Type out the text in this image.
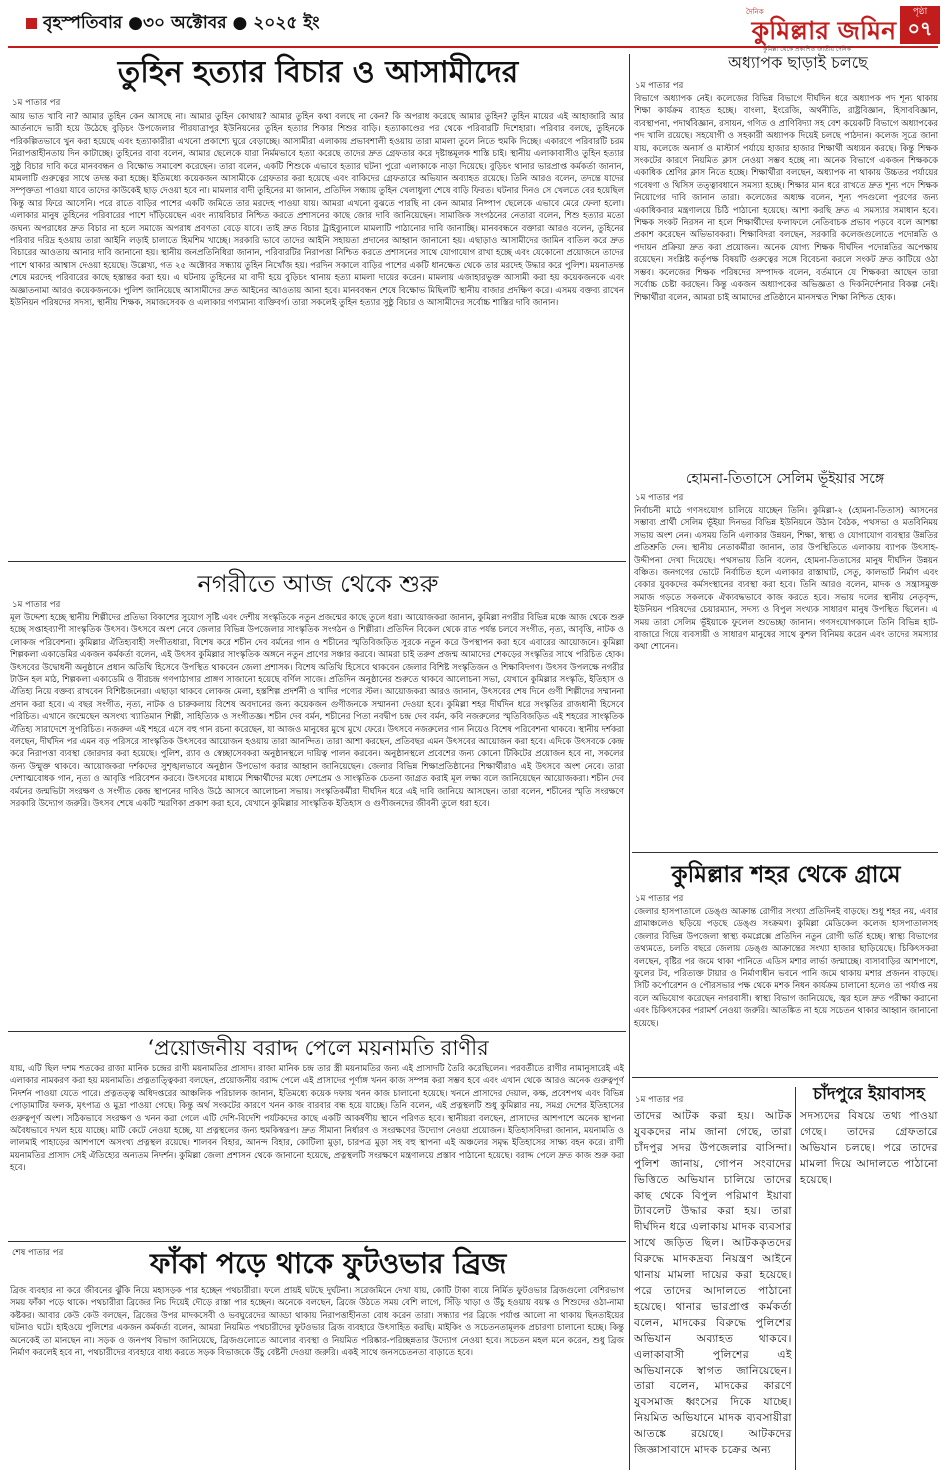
বৃহস্পতিবার ●৩০ অক্টোবর ● ২০২৫ ইং
দৈনিক
কুমিল্লার জমিন
কুমিল্লা থেকে প্রকাশিত জাতীয় দৈনিক
পৃষ্ঠা
০৭
তুহিন হত্যার বিচার ও আসামীদের
১ম পাতার পর
আয় ভাত খাবি না? আমার তুহিন কেন আসছে না। আমার তুহিন কোথায়? আমার তুহিন কথা বলছে না কেন? কি অপরাধ করেছে আমার তুহিন? তুহিন মায়ের এই আহাজারি আর আর্তনাদে ভারী হয়ে উঠেছে বুড়িচং উপজেলার পীরযাত্রাপুর ইউনিয়নের তুহিন হত্যার শিকার শিশুর বাড়ি। হত্যাকাণ্ডের পর থেকে পরিবারটি দিশেহারা। পরিবার বলছে, তুহিনকে পরিকল্পিতভাবে খুন করা হয়েছে এবং হত্যাকারীরা এখনো প্রকাশ্যে ঘুরে বেড়াচ্ছে। আসামীরা এলাকায় প্রভাবশালী হওয়ায় তারা মামলা তুলে নিতে হুমকি দিচ্ছে। একারণে পরিবারটি চরম নিরাপত্তাহীনতায় দিন কাটাচ্ছে। তুহিনের বাবা বলেন, আমার ছেলেকে যারা নির্মমভাবে হত্যা করেছে তাদের দ্রুত গ্রেফতার করে দৃষ্টান্তমূলক শাস্তি চাই। স্থানীয় এলাকাবাসীও তুহিন হত্যার সুষ্ঠু বিচার দাবি করে মানববন্ধন ও বিক্ষোভ সমাবেশ করেছেন। তারা বলেন, একটি শিশুকে এভাবে হত্যার ঘটনা পুরো এলাকাকে নাড়া দিয়েছে। বুড়িচং থানার ভারপ্রাপ্ত কর্মকর্তা জানান, মামলাটি গুরুত্বের সাথে তদন্ত করা হচ্ছে। ইতিমধ্যে কয়েকজন আসামীকে গ্রেফতার করা হয়েছে এবং বাকিদের গ্রেফতারে অভিযান অব্যাহত রয়েছে। তিনি আরও বলেন, তদন্তে যাদের সম্পৃক্ততা পাওয়া যাবে তাদের কাউকেই ছাড় দেওয়া হবে না। মামলার বাদী তুহিনের মা জানান, প্রতিদিন সন্ধ্যায় তুহিন খেলাধুলা শেষে বাড়ি ফিরত। ঘটনার দিনও সে খেলতে বের হয়েছিল কিন্তু আর ফিরে আসেনি। পরে রাতে বাড়ির পাশের একটি জমিতে তার মরদেহ পাওয়া যায়। আমরা এখনো বুঝতে পারছি না কেন আমার নিষ্পাপ ছেলেকে এভাবে মেরে ফেলা হলো। এলাকার মানুষ তুহিনের পরিবারের পাশে দাঁড়িয়েছেন এবং ন্যায়বিচার নিশ্চিত করতে প্রশাসনের কাছে জোর দাবি জানিয়েছেন। সামাজিক সংগঠনের নেতারা বলেন, শিশু হত্যার মতো জঘন্য অপরাধের দ্রুত বিচার না হলে সমাজে অপরাধ প্রবণতা বেড়ে যাবে। তাই দ্রুত বিচার ট্রাইব্যুনালে মামলাটি পাঠানোর দাবি জানাচ্ছি। মানববন্ধনে বক্তারা আরও বলেন, তুহিনের পরিবার দরিদ্র হওয়ায় তারা আইনি লড়াই চালাতে হিমশিম খাচ্ছে। সরকারি ভাবে তাদের আইনি সহায়তা প্রদানের আহ্বান জানানো হয়। এছাড়াও আসামীদের জামিন বাতিল করে দ্রুত বিচারের আওতায় আনার দাবি জানানো হয়। স্থানীয় জনপ্রতিনিধিরা জানান, পরিবারটির নিরাপত্তা নিশ্চিত করতে প্রশাসনের সাথে যোগাযোগ রাখা হচ্ছে এবং যেকোনো প্রয়োজনে তাদের পাশে থাকার আশ্বাস দেওয়া হয়েছে। উল্লেখ্য, গত ২৫ অক্টোবর সন্ধ্যায় তুহিন নিখোঁজ হয়। পরদিন সকালে বাড়ির পাশের একটি ধানক্ষেত থেকে তার মরদেহ উদ্ধার করে পুলিশ। ময়নাতদন্ত শেষে মরদেহ পরিবারের কাছে হস্তান্তর করা হয়। এ ঘটনায় তুহিনের মা বাদী হয়ে বুড়িচং থানায় হত্যা মামলা দায়ের করেন। মামলায় এজাহারভুক্ত আসামী করা হয় কয়েকজনকে এবং অজ্ঞাতনামা আরও কয়েকজনকে। পুলিশ জানিয়েছে আসামীদের দ্রুত আইনের আওতায় আনা হবে। মানববন্ধন শেষে বিক্ষোভ মিছিলটি স্থানীয় বাজার প্রদক্ষিণ করে। এসময় বক্তব্য রাখেন ইউনিয়ন পরিষদের সদস্য, স্থানীয় শিক্ষক, সমাজসেবক ও এলাকার গণ্যমান্য ব্যক্তিবর্গ। তারা সকলেই তুহিন হত্যার সুষ্ঠু বিচার ও আসামীদের সর্বোচ্চ শাস্তির দাবি জানান।
নগরীতে আজ থেকে শুরু
১ম পাতার পর
মূল উদ্দেশ্য হচ্ছে স্থানীয় শিল্পীদের প্রতিভা বিকাশের সুযোগ সৃষ্টি এবং দেশীয় সংস্কৃতিকে নতুন প্রজন্মের কাছে তুলে ধরা। আয়োজকরা জানান, কুমিল্লা নগরীর বিভিন্ন মঞ্চে আজ থেকে শুরু হচ্ছে সপ্তাহব্যাপী সাংস্কৃতিক উৎসব। উৎসবে অংশ নেবে জেলার বিভিন্ন উপজেলার সাংস্কৃতিক সংগঠন ও শিল্পীরা। প্রতিদিন বিকেল থেকে রাত পর্যন্ত চলবে সংগীত, নৃত্য, আবৃত্তি, নাটক ও লোকজ পরিবেশনা। কুমিল্লার ঐতিহ্যবাহী সংগীতধারা, বিশেষ করে শচীন দেব বর্মনের গান ও শচীনের স্মৃতিবিজড়িত সুরকে নতুন করে উপস্থাপন করা হবে এবারের আয়োজনে। কুমিল্লা শিল্পকলা একাডেমির একজন কর্মকর্তা বলেন, এই উৎসব কুমিল্লার সাংস্কৃতিক অঙ্গনে নতুন প্রাণের সঞ্চার করবে। আমরা চাই তরুণ প্রজন্ম আমাদের শেকড়ের সংস্কৃতির সাথে পরিচিত হোক। উৎসবের উদ্বোধনী অনুষ্ঠানে প্রধান অতিথি হিসেবে উপস্থিত থাকবেন জেলা প্রশাসক। বিশেষ অতিথি হিসেবে থাকবেন জেলার বিশিষ্ট সংস্কৃতিজন ও শিক্ষাবিদগণ। উৎসব উপলক্ষে নগরীর টাউন হল মাঠ, শিল্পকলা একাডেমি ও বীরচন্দ্র গণপাঠাগার প্রাঙ্গণ সাজানো হয়েছে বর্ণিল সাজে। প্রতিদিন অনুষ্ঠানের শুরুতে থাকবে আলোচনা সভা, যেখানে কুমিল্লার সংস্কৃতি, ইতিহাস ও ঐতিহ্য নিয়ে বক্তব্য রাখবেন বিশিষ্টজনেরা। এছাড়া থাকবে লোকজ মেলা, হস্তশিল্প প্রদর্শনী ও খাদির পণ্যের স্টল। আয়োজকরা আরও জানান, উৎসবের শেষ দিনে গুণী শিল্পীদের সম্মাননা প্রদান করা হবে। এ বছর সংগীত, নৃত্য, নাটক ও চারুকলায় বিশেষ অবদানের জন্য কয়েকজন গুণীজনকে সম্মাননা দেওয়া হবে। কুমিল্লা শহর দীর্ঘদিন ধরে সংস্কৃতির রাজধানী হিসেবে পরিচিত। এখানে জন্মেছেন অসংখ্য খ্যাতিমান শিল্পী, সাহিত্যিক ও সংগীতজ্ঞ। শচীন দেব বর্মন, শচীনের পিতা নবদ্বীপ চন্দ্র দেব বর্মন, কবি নজরুলের স্মৃতিবিজড়িত এই শহরের সাংস্কৃতিক ঐতিহ্য সারাদেশে সুপরিচিত। নজরুল এই শহরে এসে বহু গান রচনা করেছেন, যা আজও মানুষের মুখে মুখে ফেরে। উৎসবে নজরুলের গান নিয়েও বিশেষ পরিবেশনা থাকবে। স্থানীয় দর্শকরা বলছেন, দীর্ঘদিন পর এমন বড় পরিসরে সাংস্কৃতিক উৎসবের আয়োজন হওয়ায় তারা আনন্দিত। তারা আশা করছেন, প্রতিবছর এমন উৎসবের আয়োজন করা হবে। এদিকে উৎসবকে কেন্দ্র করে নিরাপত্তা ব্যবস্থা জোরদার করা হয়েছে। পুলিশ, র‍্যাব ও স্বেচ্ছাসেবকরা অনুষ্ঠানস্থলে দায়িত্ব পালন করবেন। অনুষ্ঠানস্থলে প্রবেশের জন্য কোনো টিকিটের প্রয়োজন হবে না, সকলের জন্য উন্মুক্ত থাকবে। আয়োজকরা দর্শকদের সুশৃঙ্খলভাবে অনুষ্ঠান উপভোগ করার আহ্বান জানিয়েছেন। জেলার বিভিন্ন শিক্ষাপ্রতিষ্ঠানের শিক্ষার্থীরাও এই উৎসবে অংশ নেবে। তারা দেশাত্মবোধক গান, নৃত্য ও আবৃত্তি পরিবেশন করবে। উৎসবের মাধ্যমে শিক্ষার্থীদের মধ্যে দেশপ্রেম ও সাংস্কৃতিক চেতনা জাগ্রত করাই মূল লক্ষ্য বলে জানিয়েছেন আয়োজকরা। শচীন দেব বর্মনের জন্মভিটা সংরক্ষণ ও সংগীত কেন্দ্র স্থাপনের দাবিও উঠে আসবে আলোচনা সভায়। সংস্কৃতিকর্মীরা দীর্ঘদিন ধরে এই দাবি জানিয়ে আসছেন। তারা বলেন, শচীনের স্মৃতি সংরক্ষণে সরকারি উদ্যোগ জরুরি। উৎসব শেষে একটি স্মরণিকা প্রকাশ করা হবে, যেখানে কুমিল্লার সাংস্কৃতিক ইতিহাস ও গুণীজনদের জীবনী তুলে ধরা হবে।
‘প্রয়োজনীয় বরাদ্দ পেলে ময়নামতি রাণীর
যায়, এটি ছিল দশম শতকের রাজা মানিক চন্দ্রের রাণী ময়নামতির প্রাসাদ। রাজা মানিক চন্দ্র তার স্ত্রী ময়নামতির জন্য এই প্রাসাদটি তৈরি করেছিলেন। পরবর্তীতে রাণীর নামানুসারেই এই এলাকার নামকরণ করা হয় ময়নামতি। প্রত্নতাত্ত্বিকরা বলছেন, প্রয়োজনীয় বরাদ্দ পেলে এই প্রাসাদের পূর্ণাঙ্গ খনন কাজ সম্পন্ন করা সম্ভব হবে এবং এখান থেকে আরও অনেক গুরুত্বপূর্ণ নিদর্শন পাওয়া যেতে পারে। প্রত্নতত্ত্ব অধিদপ্তরের আঞ্চলিক পরিচালক জানান, ইতিমধ্যে কয়েক দফায় খনন কাজ চালানো হয়েছে। খননে প্রাসাদের দেয়াল, কক্ষ, প্রবেশপথ এবং বিভিন্ন পোড়ামাটির ফলক, মৃৎপাত্র ও মুদ্রা পাওয়া গেছে। কিন্তু অর্থ সংকটের কারণে খনন কাজ বারবার বন্ধ হয়ে যাচ্ছে। তিনি বলেন, এই প্রত্নস্থলটি শুধু কুমিল্লার নয়, সমগ্র দেশের ইতিহাসের গুরুত্বপূর্ণ অংশ। সঠিকভাবে সংরক্ষণ ও খনন করা গেলে এটি দেশি-বিদেশি পর্যটকদের কাছে একটি আকর্ষণীয় স্থানে পরিণত হবে। স্থানীয়রা বলছেন, প্রাসাদের আশপাশে অনেক স্থাপনা অবৈধভাবে দখল হয়ে যাচ্ছে। মাটি কেটে নেওয়া হচ্ছে, যা প্রত্নস্থলের জন্য হুমকিস্বরূপ। দ্রুত সীমানা নির্ধারণ ও সংরক্ষণের উদ্যোগ নেওয়া প্রয়োজন। ইতিহাসবিদরা জানান, ময়নামতি ও লালমাই পাহাড়ের আশপাশে অসংখ্য প্রত্নস্থল রয়েছে। শালবন বিহার, আনন্দ বিহার, কোটিলা মুড়া, চারপত্র মুড়া সহ বহু স্থাপনা এই অঞ্চলের সমৃদ্ধ ইতিহাসের সাক্ষ্য বহন করে। রাণী ময়নামতির প্রাসাদ সেই ঐতিহ্যের অন্যতম নিদর্শন। কুমিল্লা জেলা প্রশাসন থেকে জানানো হয়েছে, প্রত্নস্থলটি সংরক্ষণে মন্ত্রণালয়ে প্রস্তাব পাঠানো হয়েছে। বরাদ্দ পেলে দ্রুত কাজ শুরু করা হবে।
শেষ পাতার পর	ফাঁকা পড়ে থাকে ফুটওভার ব্রিজ
ব্রিজ ব্যবহার না করে জীবনের ঝুঁকি নিয়ে মহাসড়ক পার হচ্ছেন পথচারীরা। ফলে প্রায়ই ঘটছে দুর্ঘটনা। সরেজমিনে দেখা যায়, কোটি টাকা ব্যয়ে নির্মিত ফুটওভার ব্রিজগুলো বেশিরভাগ সময় ফাঁকা পড়ে থাকে। পথচারীরা ব্রিজের নিচ দিয়েই দৌড়ে রাস্তা পার হচ্ছেন। অনেকে বলছেন, ব্রিজে উঠতে সময় বেশি লাগে, সিঁড়ি খাড়া ও উঁচু হওয়ায় বয়স্ক ও শিশুদের ওঠা-নামা কষ্টকর। আবার কেউ কেউ বলছেন, ব্রিজের উপর মাদকসেবী ও ভবঘুরেদের আড্ডা থাকায় নিরাপত্তাহীনতা বোধ করেন তারা। সন্ধ্যার পর ব্রিজে পর্যাপ্ত আলো না থাকায় ছিনতাইয়ের ঘটনাও ঘটে। হাইওয়ে পুলিশের একজন কর্মকর্তা বলেন, আমরা নিয়মিত পথচারীদের ফুটওভার ব্রিজ ব্যবহারে উৎসাহিত করছি। মাইকিং ও সচেতনতামূলক প্রচারণা চালানো হচ্ছে। কিন্তু অনেকেই তা মানছেন না। সড়ক ও জনপথ বিভাগ জানিয়েছে, ব্রিজগুলোতে আলোর ব্যবস্থা ও নিয়মিত পরিষ্কার-পরিচ্ছন্নতার উদ্যোগ নেওয়া হবে। সচেতন মহল মনে করেন, শুধু ব্রিজ নির্মাণ করলেই হবে না, পথচারীদের ব্যবহারে বাধ্য করতে সড়ক বিভাজকে উঁচু বেষ্টনী দেওয়া জরুরি। একই সাথে জনসচেতনতা বাড়াতে হবে।
অধ্যাপক ছাড়াই চলছে
১ম পাতার পর
বিভাগে অধ্যাপক নেই। কলেজের বিভিন্ন বিভাগে দীর্ঘদিন ধরে অধ্যাপক পদ শূন্য থাকায় শিক্ষা কার্যক্রম ব্যাহত হচ্ছে। বাংলা, ইংরেজি, অর্থনীতি, রাষ্ট্রবিজ্ঞান, হিসাববিজ্ঞান, ব্যবস্থাপনা, পদার্থবিজ্ঞান, রসায়ন, গণিত ও প্রাণিবিদ্যা সহ বেশ কয়েকটি বিভাগে অধ্যাপকের পদ খালি রয়েছে। সহযোগী ও সহকারী অধ্যাপক দিয়েই চলছে পাঠদান। কলেজ সূত্রে জানা যায়, কলেজে অনার্স ও মাস্টার্স পর্যায়ে হাজার হাজার শিক্ষার্থী অধ্যয়ন করছে। কিন্তু শিক্ষক সংকটের কারণে নিয়মিত ক্লাস নেওয়া সম্ভব হচ্ছে না। অনেক বিভাগে একজন শিক্ষককে একাধিক শ্রেণির ক্লাস নিতে হচ্ছে। শিক্ষার্থীরা বলছেন, অধ্যাপক না থাকায় উচ্চতর পর্যায়ের গবেষণা ও থিসিস তত্ত্বাবধানে সমস্যা হচ্ছে। শিক্ষার মান ধরে রাখতে দ্রুত শূন্য পদে শিক্ষক নিয়োগের দাবি জানান তারা। কলেজের অধ্যক্ষ বলেন, শূন্য পদগুলো পূরণের জন্য একাধিকবার মন্ত্রণালয়ে চিঠি পাঠানো হয়েছে। আশা করছি দ্রুত এ সমস্যার সমাধান হবে। শিক্ষক সংকট নিরসন না হলে শিক্ষার্থীদের ফলাফলে নেতিবাচক প্রভাব পড়বে বলে আশঙ্কা প্রকাশ করেছেন অভিভাবকরা। শিক্ষাবিদরা বলছেন, সরকারি কলেজগুলোতে পদোন্নতি ও পদায়ন প্রক্রিয়া দ্রুত করা প্রয়োজন। অনেক যোগ্য শিক্ষক দীর্ঘদিন পদোন্নতির অপেক্ষায় রয়েছেন। সংশ্লিষ্ট কর্তৃপক্ষ বিষয়টি গুরুত্বের সঙ্গে বিবেচনা করলে সংকট দ্রুত কাটিয়ে ওঠা সম্ভব। কলেজের শিক্ষক পরিষদের সম্পাদক বলেন, বর্তমানে যে শিক্ষকরা আছেন তারা সর্বোচ্চ চেষ্টা করছেন। কিন্তু একজন অধ্যাপকের অভিজ্ঞতা ও দিকনির্দেশনার বিকল্প নেই। শিক্ষার্থীরা বলেন, আমরা চাই আমাদের প্রতিষ্ঠানে মানসম্মত শিক্ষা নিশ্চিত হোক।
হোমনা-তিতাসে সেলিম ভূঁইয়ার সঙ্গে
১ম পাতার পর
নির্বাচনী মাঠে গণসংযোগ চালিয়ে যাচ্ছেন তিনি। কুমিল্লা-২ (হোমনা-তিতাস) আসনের সম্ভাব্য প্রার্থী সেলিম ভূঁইয়া দিনভর বিভিন্ন ইউনিয়নে উঠান বৈঠক, পথসভা ও মতবিনিময় সভায় অংশ নেন। এসময় তিনি এলাকার উন্নয়ন, শিক্ষা, স্বাস্থ্য ও যোগাযোগ ব্যবস্থার উন্নতির প্রতিশ্রুতি দেন। স্থানীয় নেতাকর্মীরা জানান, তার উপস্থিতিতে এলাকায় ব্যাপক উৎসাহ-উদ্দীপনা দেখা দিয়েছে। পথসভায় তিনি বলেন, হোমনা-তিতাসের মানুষ দীর্ঘদিন উন্নয়ন বঞ্চিত। জনগণের ভোটে নির্বাচিত হলে এলাকার রাস্তাঘাট, সেতু, কালভার্ট নির্মাণ এবং বেকার যুবকদের কর্মসংস্থানের ব্যবস্থা করা হবে। তিনি আরও বলেন, মাদক ও সন্ত্রাসমুক্ত সমাজ গড়তে সকলকে ঐক্যবদ্ধভাবে কাজ করতে হবে। সভায় দলের স্থানীয় নেতৃবৃন্দ, ইউনিয়ন পরিষদের চেয়ারম্যান, সদস্য ও বিপুল সংখ্যক সাধারণ মানুষ উপস্থিত ছিলেন। এ সময় তারা সেলিম ভূঁইয়াকে ফুলেল শুভেচ্ছা জানান। গণসংযোগকালে তিনি বিভিন্ন হাট-বাজারে গিয়ে ব্যবসায়ী ও সাধারণ মানুষের সাথে কুশল বিনিময় করেন এবং তাদের সমস্যার কথা শোনেন।
কুমিল্লার শহর থেকে গ্রামে
১ম পাতার পর
জেলার হাসপাতালে ডেঙ্গু আক্রান্ত রোগীর সংখ্যা প্রতিদিনই বাড়ছে। শুধু শহর নয়, এবার গ্রামাঞ্চলেও ছড়িয়ে পড়ছে ডেঙ্গু সংক্রমণ। কুমিল্লা মেডিকেল কলেজ হাসপাতালসহ জেলার বিভিন্ন উপজেলা স্বাস্থ্য কমপ্লেক্সে প্রতিদিন নতুন রোগী ভর্তি হচ্ছে। স্বাস্থ্য বিভাগের তথ্যমতে, চলতি বছরে জেলায় ডেঙ্গু আক্রান্তের সংখ্যা হাজার ছাড়িয়েছে। চিকিৎসকরা বলছেন, বৃষ্টির পর জমে থাকা পানিতে এডিস মশার লার্ভা জন্মাচ্ছে। বাসাবাড়ির আশপাশে, ফুলের টব, পরিত্যক্ত টায়ার ও নির্মাণাধীন ভবনে পানি জমে থাকায় মশার প্রজনন বাড়ছে। সিটি কর্পোরেশন ও পৌরসভার পক্ষ থেকে মশক নিধন কার্যক্রম চালানো হলেও তা পর্যাপ্ত নয় বলে অভিযোগ করেছেন নগরবাসী। স্বাস্থ্য বিভাগ জানিয়েছে, জ্বর হলে দ্রুত পরীক্ষা করানো এবং চিকিৎসকের পরামর্শ নেওয়া জরুরি। আতঙ্কিত না হয়ে সচেতন থাকার আহ্বান জানানো হয়েছে।
চাঁদপুরে ইয়াবাসহ
১ম পাতার পর
তাদের আটক করা হয়। আটক যুবকদের নাম জানা গেছে, তারা চাঁদপুর সদর উপজেলার বাসিন্দা। পুলিশ জানায়, গোপন সংবাদের ভিত্তিতে অভিযান চালিয়ে তাদের কাছ থেকে বিপুল পরিমাণ ইয়াবা ট্যাবলেট উদ্ধার করা হয়। তারা দীর্ঘদিন ধরে এলাকায় মাদক ব্যবসার সাথে জড়িত ছিল। আটককৃতদের বিরুদ্ধে মাদকদ্রব্য নিয়ন্ত্রণ আইনে থানায় মামলা দায়ের করা হয়েছে। পরে তাদের আদালতে পাঠানো হয়েছে। থানার ভারপ্রাপ্ত কর্মকর্তা বলেন, মাদকের বিরুদ্ধে পুলিশের অভিযান অব্যাহত থাকবে। এলাকাবাসী পুলিশের এই অভিযানকে স্বাগত জানিয়েছেন। তারা বলেন, মাদকের কারণে যুবসমাজ ধ্বংসের দিকে যাচ্ছে। নিয়মিত অভিযানে মাদক ব্যবসায়ীরা আতঙ্কে রয়েছে। আটকদের জিজ্ঞাসাবাদে মাদক চক্রের অন্য
সদস্যদের বিষয়ে তথ্য পাওয়া গেছে। তাদের গ্রেফতারে অভিযান চলছে। পরে তাদের মামলা দিয়ে আদালতে পাঠানো হয়েছে।
